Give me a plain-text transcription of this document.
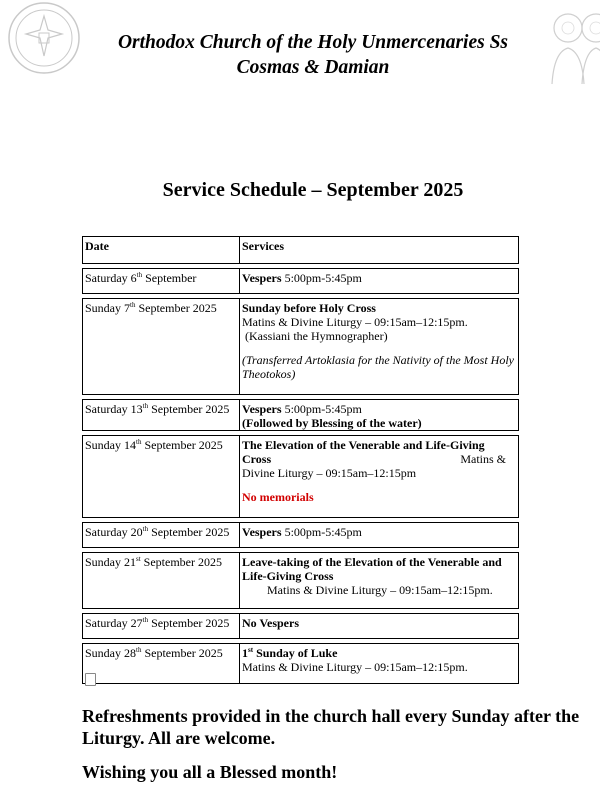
Orthodox Church of the Holy Unmercenaries Ss
Cosmas & Damian
Service Schedule – September 2025
Date	Services

Saturday 6th September	Vespers 5:00pm-5:45pm

Sunday 7th September 2025	Sunday before Holy Cross
Matins & Divine Liturgy – 09:15am–12:15pm.
(Kassiani the Hymnographer)
(Transferred Artoklasia for the Nativity of the Most Holy Theotokos)

Saturday 13th September 2025	Vespers 5:00pm-5:45pm
(Followed by Blessing of the water)

Sunday 14th September 2025	The Elevation of the Venerable and Life-Giving
Cross Matins &
Divine Liturgy – 09:15am–12:15pm
No memorials

Saturday 20th September 2025	Vespers 5:00pm-5:45pm

Sunday 21st September 2025	Leave-taking of the Elevation of the Venerable and Life-Giving Cross
Matins & Divine Liturgy – 09:15am–12:15pm.

Saturday 27th September 2025	No Vespers

Sunday 28th September 2025	1st Sunday of Luke
Matins & Divine Liturgy – 09:15am–12:15pm.
Refreshments provided in the church hall every Sunday after the Liturgy. All are welcome.
Wishing you all a Blessed month!
